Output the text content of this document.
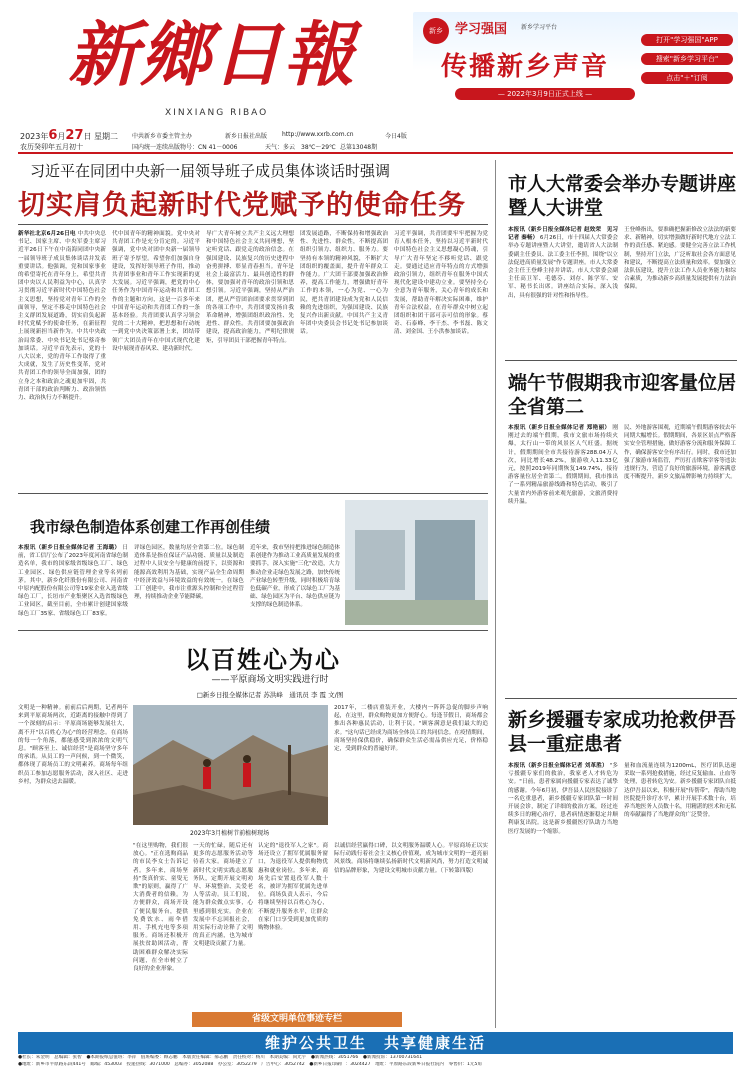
新鄉日報
XINXIANG RIBAO
新乡 学习强国 新乡学习平台
传播新乡声音
— 2022年3月9日正式上线 —
打开"学习强国"APP
搜索"新乡学习平台"
点击"＋"订阅
2023年6月27日 星期二
农历癸卯年五月初十
中共新乡市委主管主办	新乡日报社出版 http://www.xxrb.com.cn	今日4版
国内统一连续出版物号：CN 41－0006	天气：多云　38℃～29℃ 总第13048期
习近平在同团中央新一届领导班子成员集体谈话时强调
切实肩负起新时代党赋予的使命任务
新华社北京6月26日电 中共中央总书记、国家主席、中央军委主席习近平26日下午在中南海同团中央新一届领导班子成员集体谈话并发表重要讲话。他强调，党和国家事业的希望寄托在青年身上，希望共青团中央以人民利益为中心，认真学习贯彻习近平新时代中国特色社会主义思想，坚持党对青年工作的全面领导，坚定不移走中国特色社会主义群团发展道路，切实肩负起新时代党赋予的使命任务，在新征程上展现新担当新作为。中共中央政治局常委、中央书记处书记蔡奇参加谈话。习近平首先表示，党的十八大以来，党的青年工作取得了重大成就，发生了历史性变革，党对共青团工作的领导全面加强，团的立身之本和政治之魂更加牢固，共青团干部的政治判断力、政治领悟力、政治执行力不断提升。
代中国青年的精神面貌。党中央对共青团工作是充分肯定的。习近平强调，党中央对团中央新一届领导班子寄予厚望。希望你们加强自身建设，发挥好领导班子作用，推动共青团事业和青年工作实现新的更大发展。习近平强调，把党的中心任务作为中国青年运动和共青团工作的主题和方向，这是一百多年来中国青年运动和共青团工作的一条基本经验。共青团要认真学习领会党的二十大精神，把思想和行动统一到党中央决策部署上来，团结带领广大团员青年在中国式现代化建设中展现青春风采、建功新时代。
导广大青年树立共产主义远大理想和中国特色社会主义共同理想，坚定听党话、跟党走的政治信念。在强国建设、民族复兴的历史进程中奋勇拼搏、彰显青春担当。青年是社会上最富活力、最具创造性的群体，要加强对青年的政治引领和思想引领。习近平强调，坚持从严治团，把从严管团治团要求贯穿到团的各项工作中，共青团要发扬自我革命精神，增强团组织政治性、先进性、群众性。共青团要加强政治建设，提高政治能力，严明纪律规矩，引导团员干部把握青年特点。
团发展道路，不断保持和增强政治性、先进性、群众性，不断提高团组织引领力、组织力、服务力。要坚持有本领的精神风貌，不断扩大团组织的覆盖面，提升青年群众工作能力。广大团干部要加强政治修养，提高工作能力，增强做好青年工作的本领，一心为党、一心为民，把共青团建设成为党和人民信赖的先进组织，为强国建设、民族复兴作出新贡献。中国共产主义青年团中央委员会书记处书记参加谈话。
习近平强调，共青团要牢牢把握为党育人根本任务，坚持以习近平新时代中国特色社会主义思想凝心铸魂，引导广大青年坚定不移听党话、跟党走。要通过适应青年特点的方式增强政治引领力，组织青年在服务中国式现代化建设中建功立业。要坚持全心全意为青年服务，关心青年的成长和发展，帮助青年解决实际困难，维护青年合法权益，在青年群众中树立起团组织和团干部可亲可信的形象。蔡奇、石泰峰、李干杰、李书磊、陈文清、刘金国、王小洪参加谈话。
我市绿色制造体系创建工作再创佳绩
本报讯（新乡日报全媒体记者 王海璐） 日前，省工信厅公布了2023年度河南省绿色制造名单，我市的国家级省级绿色工厂、绿色工业园区、绿色供应链管理企业等名列前茅。其中，新乡化纤股份有限公司、河南省中原内配股份有限公司等19家企业入选省级绿色工厂，长垣市产业集聚区入选省级绿色工业园区，截至目前，全市累计创建国家级绿色工厂35家、省级绿色工厂83家。
评绿色园区，数量均居全省第二位。绿色制造体系是指在保证产品功能、质量以及制造过程中人员安全与健康的前提下，以资源和能源高效利用为基础，实现产品全生命周期中经济效益与环境效益的有效统一。在绿色工厂创建中，我市注重源头控制和全过程管理，持续推动企业节能降碳。
近年来，我市坚持把推进绿色制造体系创建作为推动工业高质量发展的重要抓手，深入实施"三化"改造，大力推动企业走绿色发展之路，加快传统产业绿色转型升级，同时积极培育绿色低碳产业，形成了以绿色工厂为基础、绿色园区为平台、绿色供应链为支撑的绿色制造体系。
以百姓心为心
——平原商场文明实践进行时
□新乡日报全媒体记者 苏洪峰　通讯员 李 霞 文/图
文明是一种精神。前前后后两期，记者两年来到平原商场两次，近距离的接触中得到了一个深刻的启示：平原商场能够发展壮大，离不开"以百姓心为心"的经营理念。在商场的每一个角落，都能感受到浓浓的文明气息。"顾客至上、诚信经营"是商场坚守多年的承诺。从员工的一声问候，到一个微笑，都体现了商场员工的文明素养。商场每年组织员工参加志愿服务活动，深入社区、走进乡村，为群众送去温暖。
2023年3月植树节前植树现场
2017年，二楼店重装开业，大楼内一阵阵急促的脚步声响起，在这里，群众购物更加方便舒心。每逢节假日，商场都会推出各种惠民活动，让利于民。"顾客满意是我们最大的追求。"这句话已经成为商场全体员工的共同信念。在疫情期间，商场坚持保供稳价，确保群众生活必需品供应充足，价格稳定，受到群众的普遍好评。
"在这里购物，我们很放心。"正在选购商品的市民李女士告诉记者。多年来，商场坚持"货真价实、童叟无欺"的原则，赢得了广大消费者的信赖。为方便群众，商场开设了便民服务台，提供免费饮水、雨伞借用、手机充电等多项服务。商场还积极开展扶贫助困活动，帮助困难群众解决实际问题，在全市树立了良好的企业形象。
一天的忙碌，随后还有更多的志愿服务活动等待着大家。商场建立了新时代文明实践志愿服务队，定期开展文明劝导、环境整治、关爱老人等活动。员工们说，能为群众做点实事，心里感到很充实。企业在发展中不忘回报社会，用实际行动诠释了文明的真正内涵，也为城市文明建设贡献了力量。
认定的"退役军人之家"。商场还设立了拥军优属服务窗口，为退役军人提供购物优惠和就业岗位。多年来，商场先后安置退役军人数十名，被评为拥军优属先进单位。商场负责人表示，今后将继续坚持以百姓心为心，不断提升服务水平，让群众在家门口享受到更加优质的购物体验。
以诚信经营赢得口碑，以文明服务温暖人心。平原商场正以实际行动践行着社会主义核心价值观，成为城市文明的一道亮丽风景线。商场将继续弘扬新时代文明新风尚，努力打造文明诚信的品牌形象，为建设文明城市贡献力量。（下转第四版）
省级文明单位事迹专栏
市人大常委会举办专题讲座暨人大讲堂
本报讯（新乡日报全媒体记者 赵效荣　见习记者 秦畅） 6月26日，市十四届人大常委会举办专题讲座暨人大讲堂，邀请省人大法制委副主任委员、法工委主任李照，围绕"以立法促进高质量发展"作专题讲座。市人大常委会主任王登峰主持并讲话。市人大常委会副主任高卫军、毛德芬、刘存、陈学军、安军、秘书长出席。讲座结合实际，深入浅出，具有很强的针对性和指导性。
王登峰指出，要准确把握新修改立法法的新要求、新精神，切实增强做好新时代地方立法工作的责任感、紧迫感。要健全完善立法工作机制，坚持开门立法，广泛听取社会各方面意见和建议，不断提高立法质量和效率。要加强立法队伍建设，提升立法工作人员业务能力和综合素质，为推动新乡高质量发展提供有力法治保障。
端午节假期我市迎客量位居全省第二
本报讯（新乡日报全媒体记者 郑艳丽） 刚刚过去的端午假期，我市文旅市场持续火爆，太行山一带的风景区人气旺盛。据统计，假期期间全市共接待游客288.04万人次，同比增长48.2%，旅游收入11.33亿元，按照2019年同期恢复149.74%，接待游客量位居全省第二。假期期间，我市推出了一系列精品旅游线路和特色活动，吸引了大量省内外游客前来观光旅游，文旅消费持续升温。
民、外地游客围观，近期端午假期游客较去年同期大幅增长。假期期间，各景区景点严格落实安全管理措施，做好游客分流和服务保障工作，确保游客安全有序出行。同时，我市还加强了旅游市场监管，严厉打击欺客宰客等违法违规行为，营造了良好的旅游环境，游客满意度不断提升，新乡文旅品牌影响力持续扩大。
新乡援疆专家成功抢救伊吾县一重症患者
本报讯（新乡日报全媒体记者 刘革胜） "多亏援疆专家们的救治，我家老人才转危为安。"日前，患者家属向援疆专家表达了诚挚的感谢。今年6月初，伊吾县人民医院接诊了一名危重患者，新乡援疆专家团队第一时间开展会诊，制定了详细的救治方案，经过连续多日的精心治疗，患者病情逐渐稳定并顺利康复出院。这是新乡援疆医疗队助力当地医疗发展的一个缩影。
量和血流量连续为1200mL，医疗团队迅速采取一系列抢救措施，经过反复输血、止血等处理，患者转危为安。新乡援疆专家团队自抵达伊吾县以来，积极开展"传帮带"，帮助当地医院提升诊疗水平，累计开展手术数十台，培养当地医务人员数十名，用精湛的医术和无私的奉献赢得了当地群众的广泛赞誉。
维护公共卫生　共享健康生活
●社长：朱金明　总编辑：张智　●本期报纸总值班：李萍　值班编委：顾志鹏　本版责任编辑：郝志鹏　责任校对：杨川　本期美编：尚光宇　●新闻热线：3051766　●新闻投诉：13700731641
●地址：新乡市平原路东段441号　邮编：453003　投递热线：3071000　总编办：3052088　办公室：3052279　广告中心：3052742　●新乡日报印刷厂：3024427　地址：平原路东段新乡日报社院内　零售价：1元5角
